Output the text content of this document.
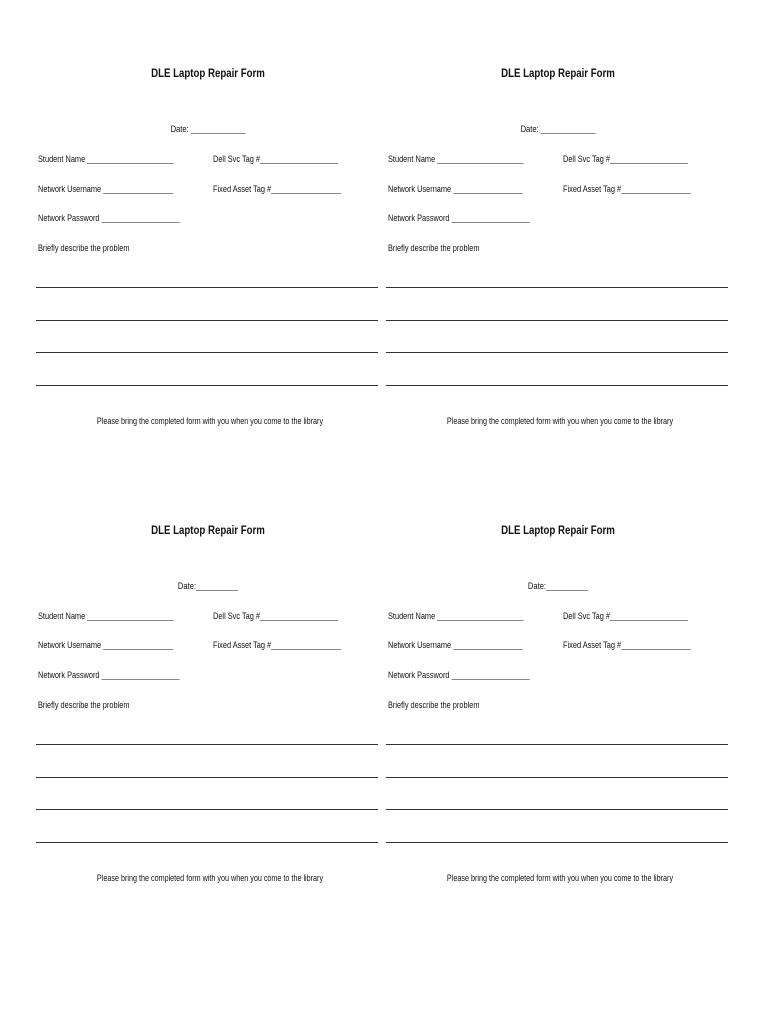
DLE Laptop Repair Form
Date: _____________
Student Name _____________________	Dell Svc Tag #___________________
Network Username _________________	Fixed Asset Tag #_________________
Network Password ___________________
Briefly describe the problem
Please bring the completed form with you when you come to the library
DLE Laptop Repair Form
Date: _____________
Student Name _____________________	Dell Svc Tag #___________________
Network Username _________________	Fixed Asset Tag #_________________
Network Password ___________________
Briefly describe the problem
Please bring the completed form with you when you come to the library
DLE Laptop Repair Form
Date:__________
Student Name _____________________	Dell Svc Tag #___________________
Network Username _________________	Fixed Asset Tag #_________________
Network Password ___________________
Briefly describe the problem
Please bring the completed form with you when you come to the library
DLE Laptop Repair Form
Date:__________
Student Name _____________________	Dell Svc Tag #___________________
Network Username _________________	Fixed Asset Tag #_________________
Network Password ___________________
Briefly describe the problem
Please bring the completed form with you when you come to the library
